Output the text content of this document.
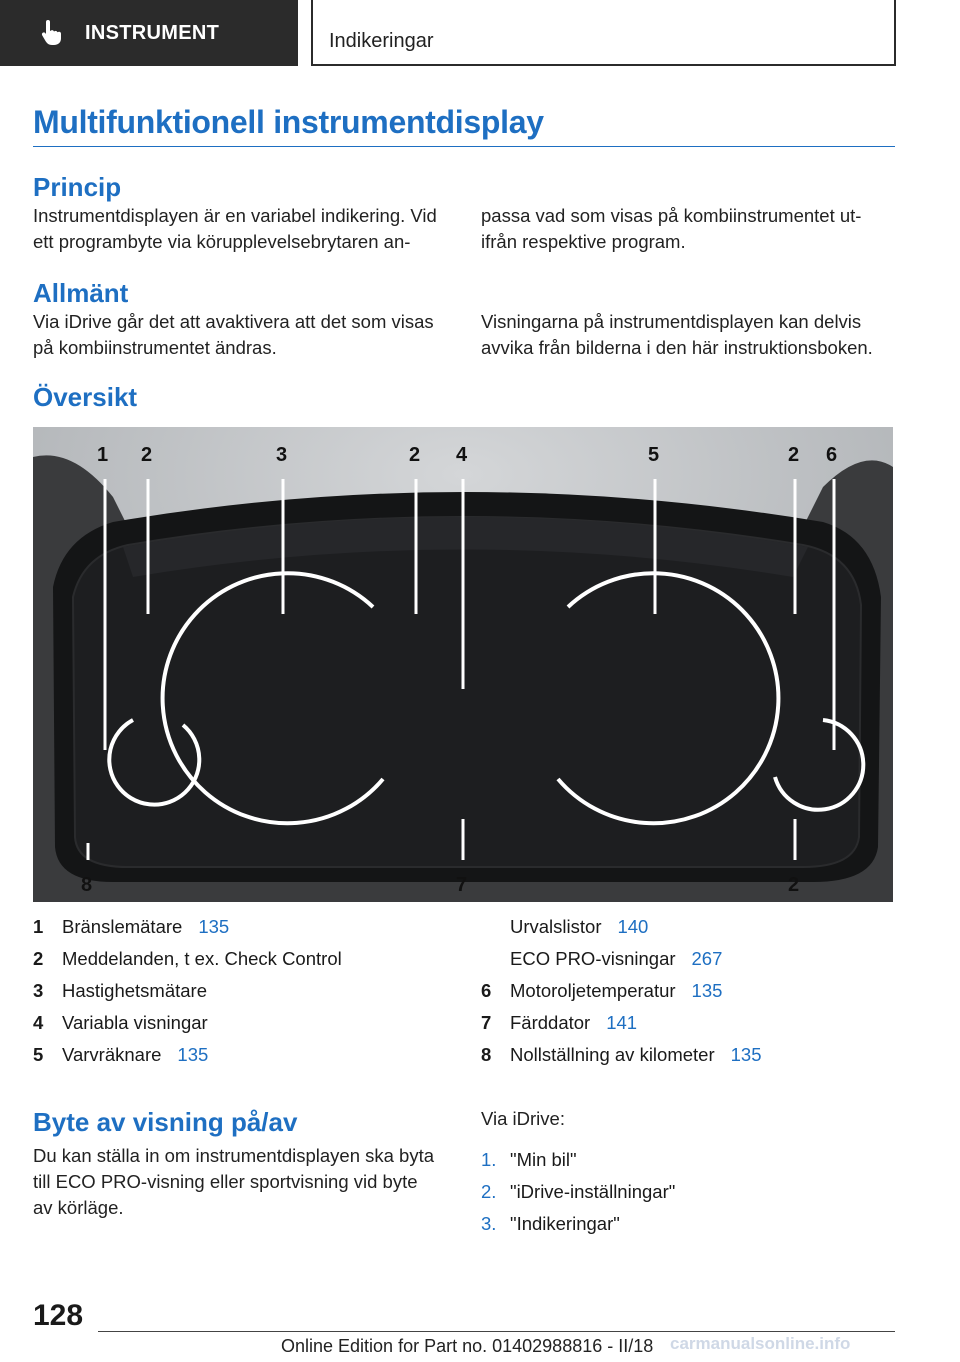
INSTRUMENT	Indikeringar
Multifunktionell instrumentdisplay
Princip
Instrumentdisplayen är en variabel indikering. Vid
ett programbyte via körupplevelsebrytaren an-
passa vad som visas på kombiinstrumentet ut-
ifrån respektive program.
Allmänt
Via iDrive går det att avaktivera att det som visas
på kombiinstrumentet ändras.
Visningarna på instrumentdisplayen kan delvis
avvika från bilderna i den här instruktionsboken.
Översikt
1 2	3	2 4	5	2 6
8	7	2
1	Bränslemätare 135
2	Meddelanden, t ex. Check Control
3	Hastighetsmätare
4	Variabla visningar
5	Varvräknare 135
Urvalslistor 140
ECO PRO-visningar 267
6	Motoroljetemperatur 135
7	Färddator 141
8	Nollställning av kilometer 135
Byte av visning på/av
Du kan ställa in om instrumentdisplayen ska byta
till ECO PRO-visning eller sportvisning vid byte
av körläge.
Via iDrive:
1. "Min bil"
2. "iDrive-inställningar"
3. "Indikeringar"
128
Online Edition for Part no. 01402988816 - II/18 carmanualsonline.info
